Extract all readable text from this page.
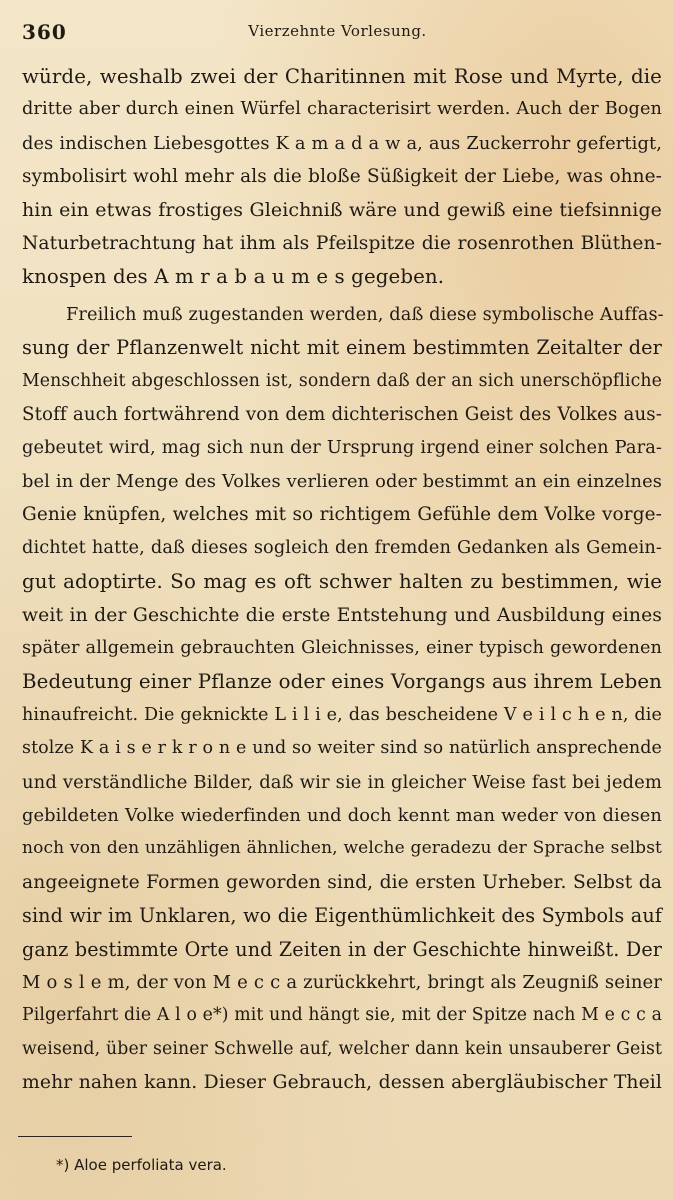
360	Vierzehnte Vorlesung.
würde, weshalb zwei der Charitinnen mit Rose und Myrte, die
dritte aber durch einen Würfel characterisirt werden. Auch der Bogen
des indischen Liebesgottes K a m a d a w a, aus Zuckerrohr gefertigt,
symbolisirt wohl mehr als die bloße Süßigkeit der Liebe, was ohne-
hin ein etwas frostiges Gleichniß wäre und gewiß eine tiefsinnige
Naturbetrachtung hat ihm als Pfeilspitze die rosenrothen Blüthen-
knospen des A m r a b a u m e s gegeben.
Freilich muß zugestanden werden, daß diese symbolische Auffas-
sung der Pflanzenwelt nicht mit einem bestimmten Zeitalter der
Menschheit abgeschlossen ist, sondern daß der an sich unerschöpfliche
Stoff auch fortwährend von dem dichterischen Geist des Volkes aus-
gebeutet wird, mag sich nun der Ursprung irgend einer solchen Para-
bel in der Menge des Volkes verlieren oder bestimmt an ein einzelnes
Genie knüpfen, welches mit so richtigem Gefühle dem Volke vorge-
dichtet hatte, daß dieses sogleich den fremden Gedanken als Gemein-
gut adoptirte. So mag es oft schwer halten zu bestimmen, wie
weit in der Geschichte die erste Entstehung und Ausbildung eines
später allgemein gebrauchten Gleichnisses, einer typisch gewordenen
Bedeutung einer Pflanze oder eines Vorgangs aus ihrem Leben
hinaufreicht. Die geknickte L i l i e, das bescheidene V e i l c h e n, die
stolze K a i s e r k r o n e und so weiter sind so natürlich ansprechende
und verständliche Bilder, daß wir sie in gleicher Weise fast bei jedem
gebildeten Volke wiederfinden und doch kennt man weder von diesen
noch von den unzähligen ähnlichen, welche geradezu der Sprache selbst
angeeignete Formen geworden sind, die ersten Urheber. Selbst da
sind wir im Unklaren, wo die Eigenthümlichkeit des Symbols auf
ganz bestimmte Orte und Zeiten in der Geschichte hinweißt. Der
M o s l e m, der von M e c c a zurückkehrt, bringt als Zeugniß seiner
Pilgerfahrt die A l o e*) mit und hängt sie, mit der Spitze nach M e c c a
weisend, über seiner Schwelle auf, welcher dann kein unsauberer Geist
mehr nahen kann. Dieser Gebrauch, dessen abergläubischer Theil
*) Aloe perfoliata vera.
